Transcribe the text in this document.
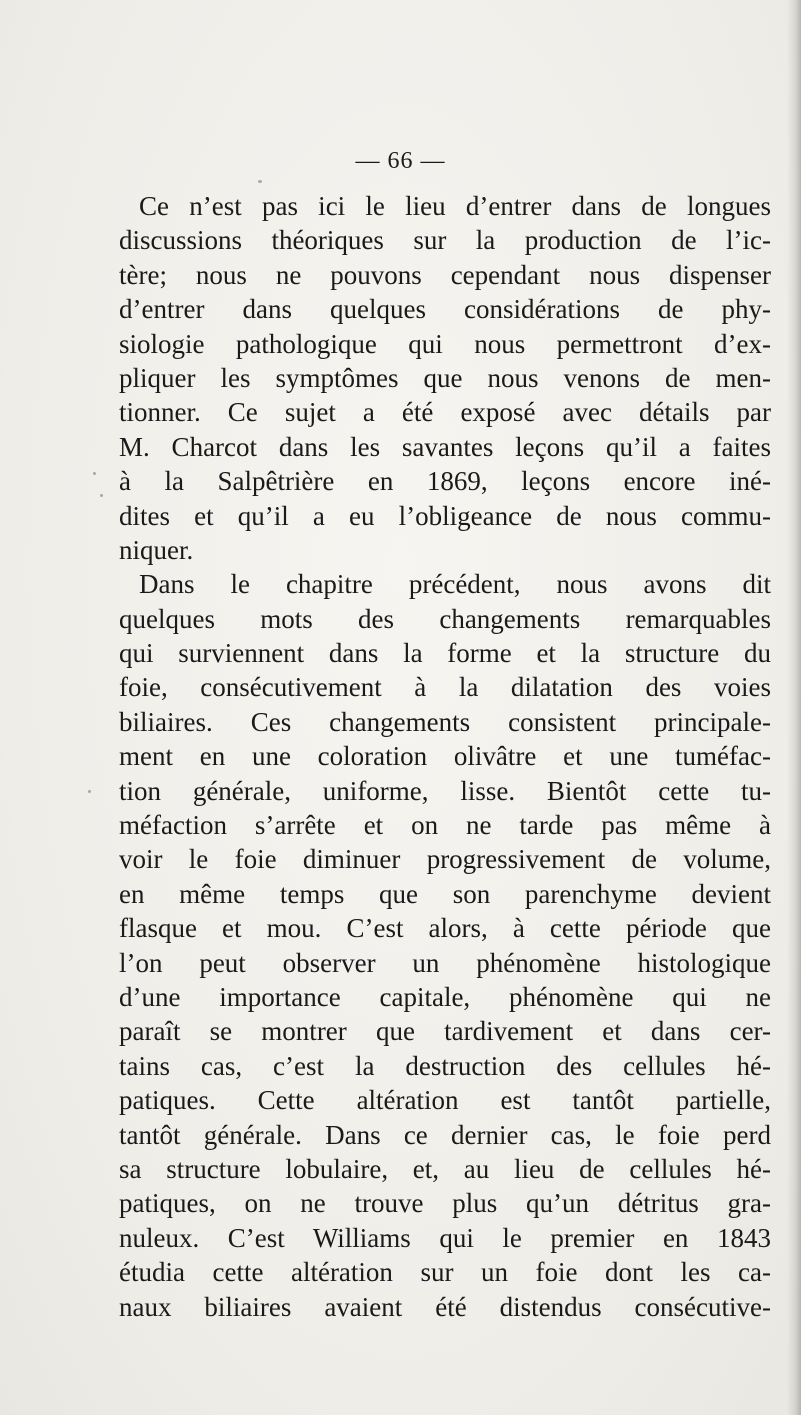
— 66 —

Ce n’est pas ici le lieu d’entrer dans de longues
discussions théoriques sur la production de l’ic-
tère; nous ne pouvons cependant nous dispenser
d’entrer dans quelques considérations de phy-
siologie pathologique qui nous permettront d’ex-
pliquer les symptômes que nous venons de men-
tionner. Ce sujet a été exposé avec détails par
M. Charcot dans les savantes leçons qu’il a faites
à la Salpêtrière en 1869, leçons encore iné-
dites et qu’il a eu l’obligeance de nous commu-
niquer.
Dans le chapitre précédent, nous avons dit
quelques mots des changements remarquables
qui surviennent dans la forme et la structure du
foie, consécutivement à la dilatation des voies
biliaires. Ces changements consistent principale-
ment en une coloration olivâtre et une tuméfac-
tion générale, uniforme, lisse. Bientôt cette tu-
méfaction s’arrête et on ne tarde pas même à
voir le foie diminuer progressivement de volume,
en même temps que son parenchyme devient
flasque et mou. C’est alors, à cette période que
l’on peut observer un phénomène histologique
d’une importance capitale, phénomène qui ne
paraît se montrer que tardivement et dans cer-
tains cas, c’est la destruction des cellules hé-
patiques. Cette altération est tantôt partielle,
tantôt générale. Dans ce dernier cas, le foie perd
sa structure lobulaire, et, au lieu de cellules hé-
patiques, on ne trouve plus qu’un détritus gra-
nuleux. C’est Williams qui le premier en 1843
étudia cette altération sur un foie dont les ca-
naux biliaires avaient été distendus consécutive-
